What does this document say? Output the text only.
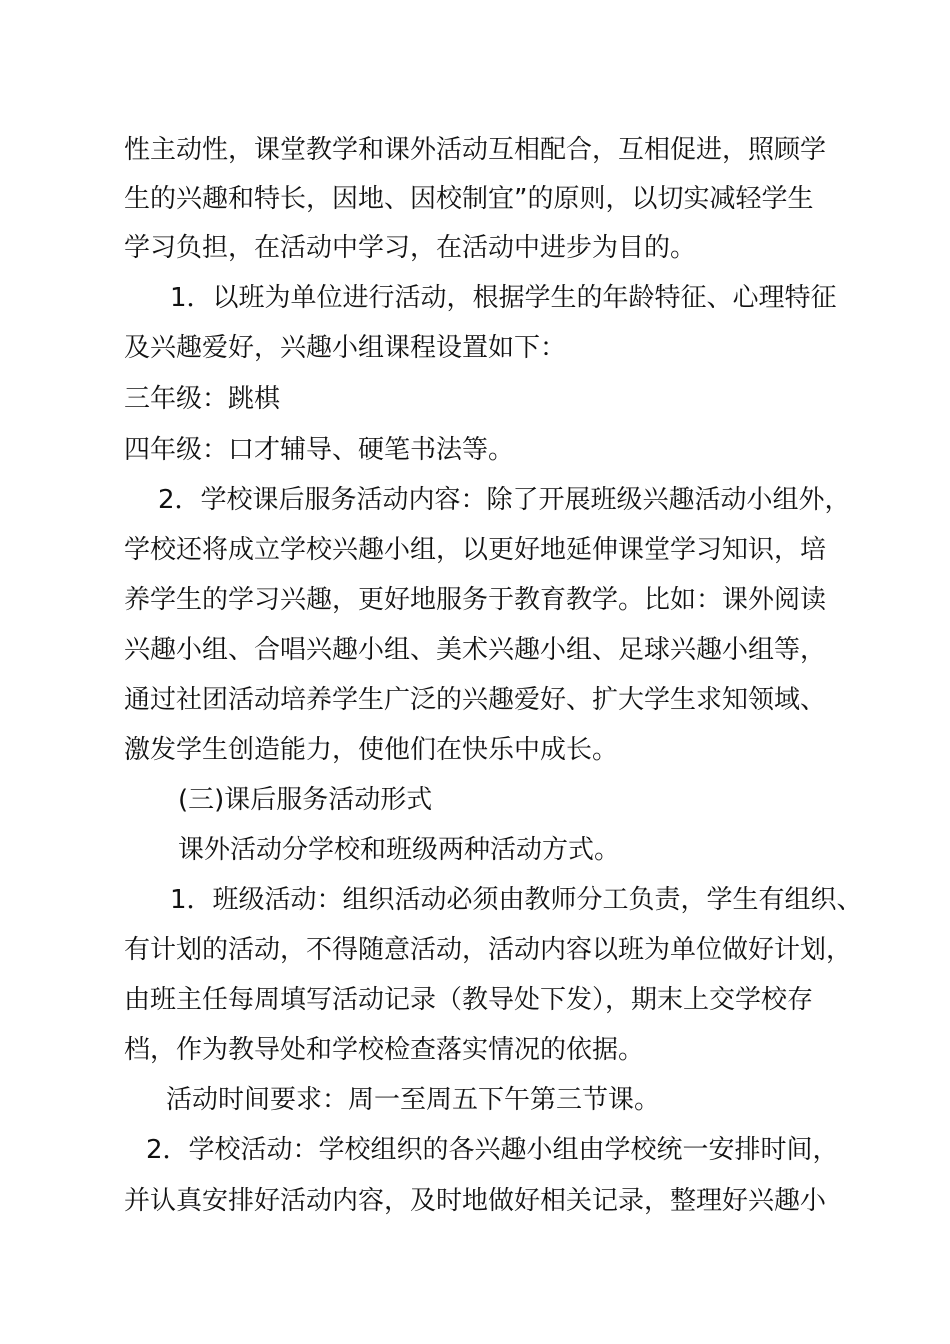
性主动性，课堂教学和课外活动互相配合，互相促进，照顾学
生的兴趣和特长，因地、因校制宜”的原则，以切实减轻学生
学习负担，在活动中学习，在活动中进步为目的。
1．以班为单位进行活动，根据学生的年龄特征、心理特征
及兴趣爱好，兴趣小组课程设置如下：
三年级：跳棋
四年级：口才辅导、硬笔书法等。
2．学校课后服务活动内容：除了开展班级兴趣活动小组外，
学校还将成立学校兴趣小组，以更好地延伸课堂学习知识，培
养学生的学习兴趣，更好地服务于教育教学。比如：课外阅读
兴趣小组、合唱兴趣小组、美术兴趣小组、足球兴趣小组等，
通过社团活动培养学生广泛的兴趣爱好、扩大学生求知领域、
激发学生创造能力，使他们在快乐中成长。
(三)课后服务活动形式
课外活动分学校和班级两种活动方式。
1．班级活动：组织活动必须由教师分工负责，学生有组织、
有计划的活动，不得随意活动，活动内容以班为单位做好计划，
由班主任每周填写活动记录（教导处下发），期末上交学校存
档，作为教导处和学校检查落实情况的依据。
活动时间要求：周一至周五下午第三节课。
2．学校活动：学校组织的各兴趣小组由学校统一安排时间，
并认真安排好活动内容，及时地做好相关记录，整理好兴趣小
